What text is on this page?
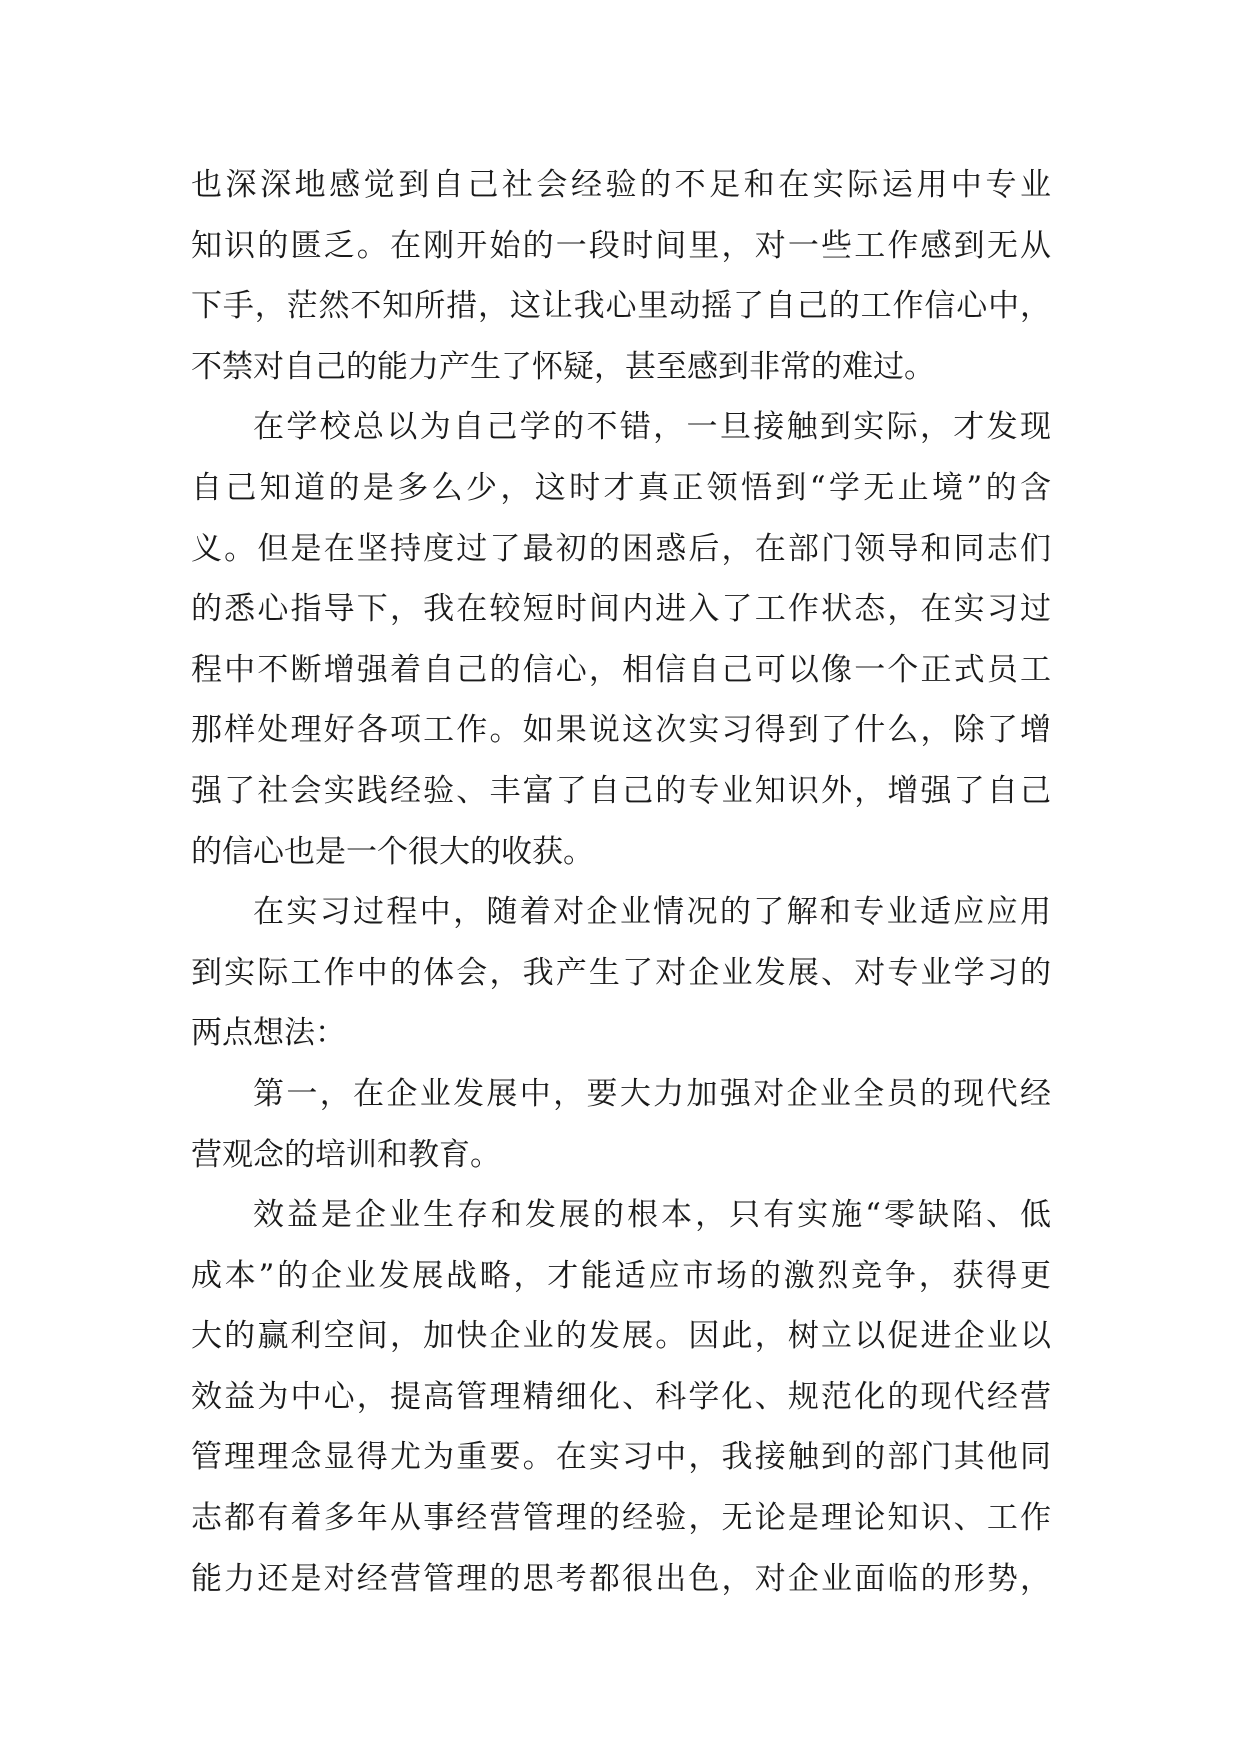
也深深地感觉到自己社会经验的不足和在实际运用中专业
知识的匮乏。在刚开始的一段时间里，对一些工作感到无从
下手，茫然不知所措，这让我心里动摇了自己的工作信心中，
不禁对自己的能力产生了怀疑，甚至感到非常的难过。
在学校总以为自己学的不错，一旦接触到实际，才发现
自己知道的是多么少，这时才真正领悟到“学无止境”的含
义。但是在坚持度过了最初的困惑后，在部门领导和同志们
的悉心指导下，我在较短时间内进入了工作状态，在实习过
程中不断增强着自己的信心，相信自己可以像一个正式员工
那样处理好各项工作。如果说这次实习得到了什么，除了增
强了社会实践经验、丰富了自己的专业知识外，增强了自己
的信心也是一个很大的收获。
在实习过程中，随着对企业情况的了解和专业适应应用
到实际工作中的体会，我产生了对企业发展、对专业学习的
两点想法：
第一，在企业发展中，要大力加强对企业全员的现代经
营观念的培训和教育。
效益是企业生存和发展的根本，只有实施“零缺陷、低
成本”的企业发展战略，才能适应市场的激烈竞争，获得更
大的赢利空间，加快企业的发展。因此，树立以促进企业以
效益为中心，提高管理精细化、科学化、规范化的现代经营
管理理念显得尤为重要。在实习中，我接触到的部门其他同
志都有着多年从事经营管理的经验，无论是理论知识、工作
能力还是对经营管理的思考都很出色，对企业面临的形势，
